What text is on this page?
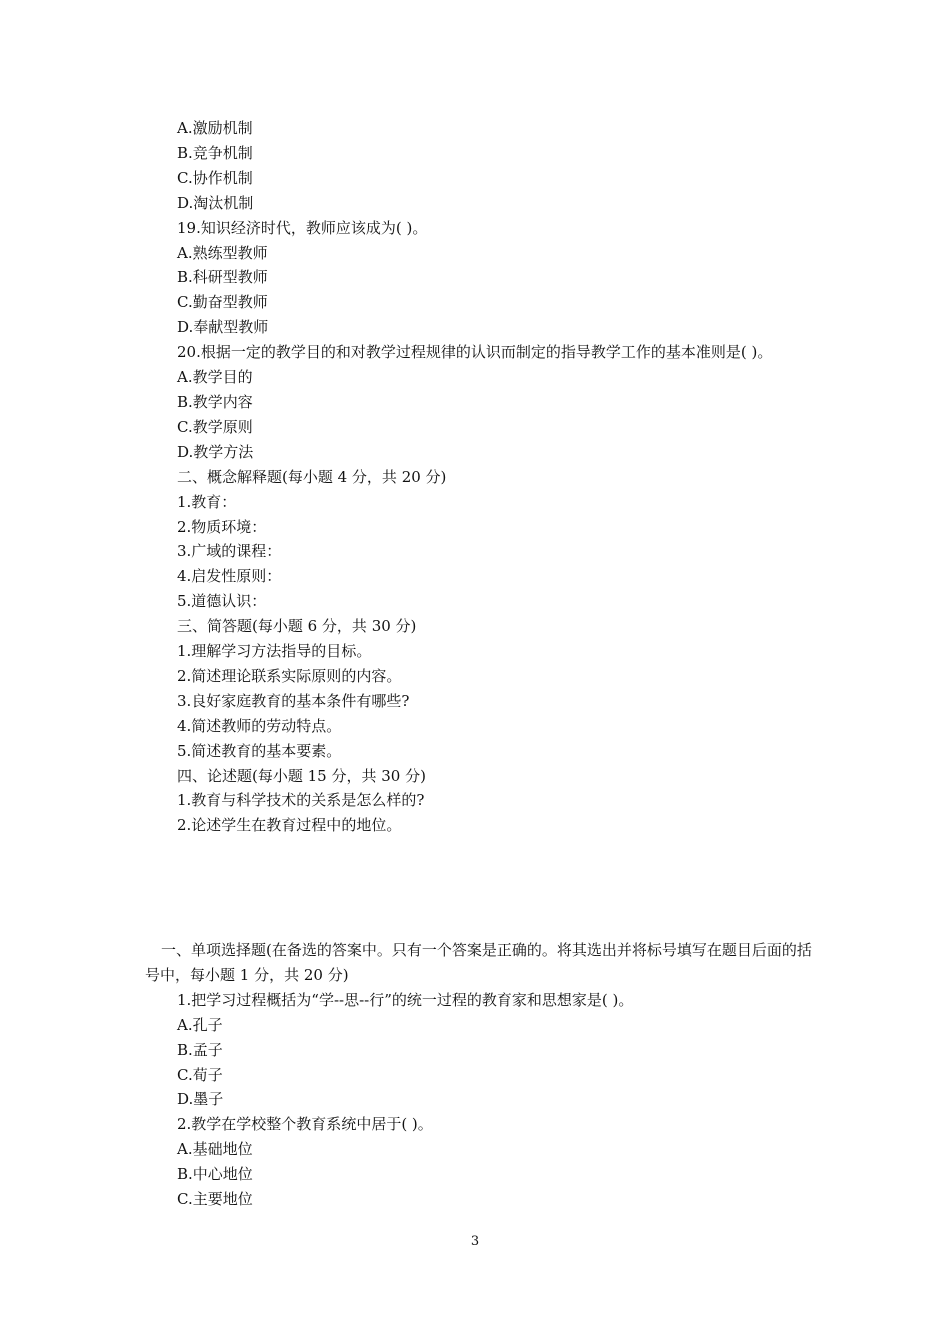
A.激励机制
B.竞争机制
C.协作机制
D.淘汰机制
19.知识经济时代，教师应该成为( )。
A.熟练型教师
B.科研型教师
C.勤奋型教师
D.奉献型教师
20.根据一定的教学目的和对教学过程规律的认识而制定的指导教学工作的基本准则是( )。
A.教学目的
B.教学内容
C.教学原则
D.教学方法
二、概念解释题(每小题 4 分，共 20 分)
1.教育：
2.物质环境：
3.广域的课程：
4.启发性原则：
5.道德认识：
三、简答题(每小题 6 分，共 30 分)
1.理解学习方法指导的目标。
2.简述理论联系实际原则的内容。
3.良好家庭教育的基本条件有哪些?
4.简述教师的劳动特点。
5.简述教育的基本要素。
四、论述题(每小题 15 分，共 30 分)
1.教育与科学技术的关系是怎么样的?
2.论述学生在教育过程中的地位。
一、单项选择题(在备选的答案中。只有一个答案是正确的。将其选出并将标号填写在题目后面的括号中，每小题 1 分，共 20 分)
1.把学习过程概括为“学--思--行”的统一过程的教育家和思想家是( )。
A.孔子
B.孟子
C.荀子
D.墨子
2.教学在学校整个教育系统中居于( )。
A.基础地位
B.中心地位
C.主要地位
3
